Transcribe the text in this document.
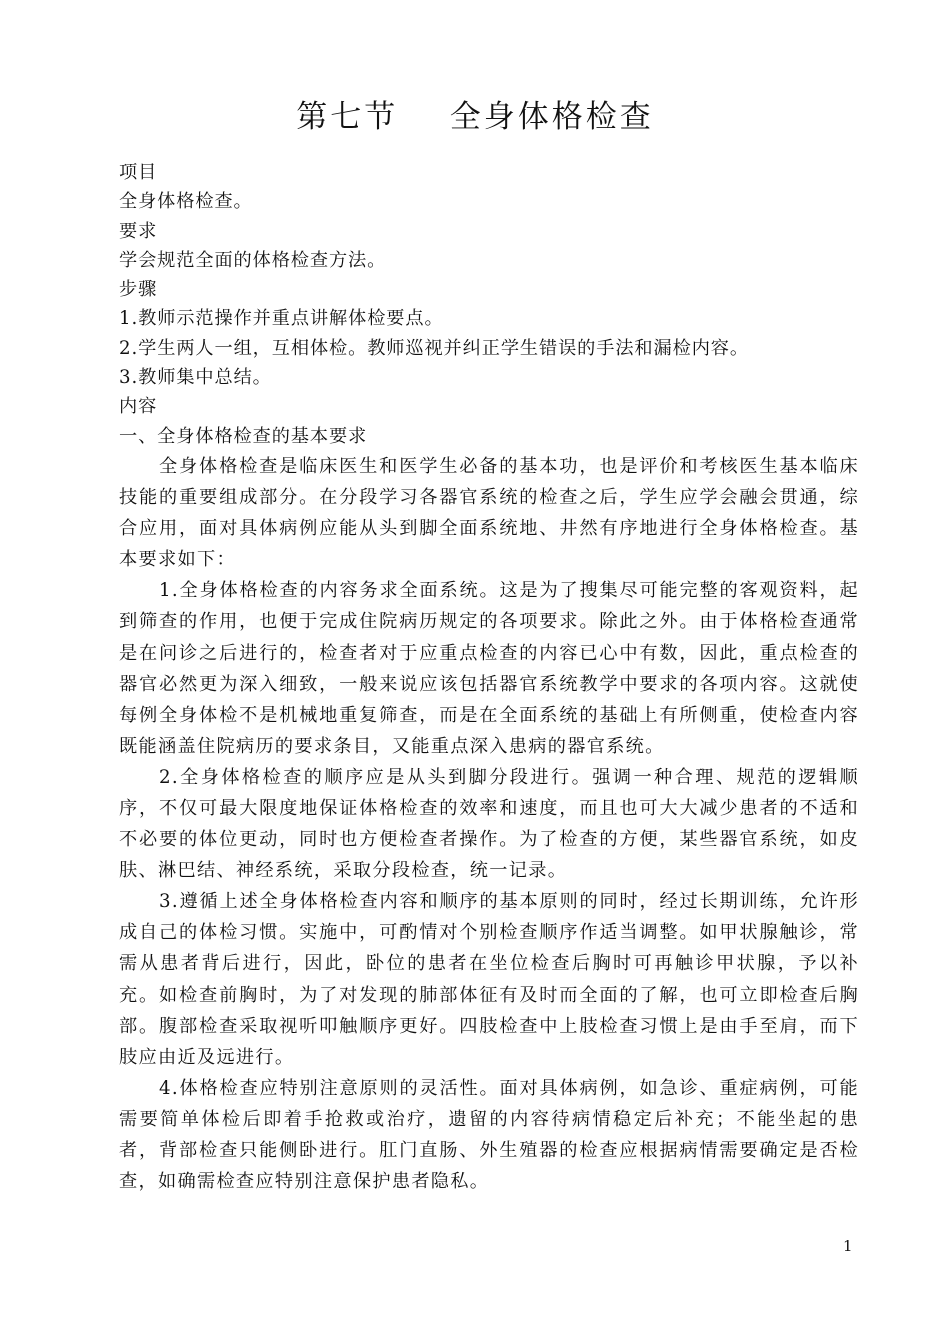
第七节    全身体格检查
项目
全身体格检查。
要求
学会规范全面的体格检查方法。
步骤
1.教师示范操作并重点讲解体检要点。
2.学生两人一组，互相体检。教师巡视并纠正学生错误的手法和漏检内容。
3.教师集中总结。
内容
一、全身体格检查的基本要求

全身体格检查是临床医生和医学生必备的基本功，也是评价和考核医生基本临床技能的重要组成部分。在分段学习各器官系统的检查之后，学生应学会融会贯通，综合应用，面对具体病例应能从头到脚全面系统地、井然有序地进行全身体格检查。基本要求如下：

1.全身体格检查的内容务求全面系统。这是为了搜集尽可能完整的客观资料，起到筛查的作用，也便于完成住院病历规定的各项要求。除此之外。由于体格检查通常是在问诊之后进行的，检查者对于应重点检查的内容已心中有数，因此，重点检查的器官必然更为深入细致，一般来说应该包括器官系统教学中要求的各项内容。这就使每例全身体检不是机械地重复筛查，而是在全面系统的基础上有所侧重，使检查内容既能涵盖住院病历的要求条目，又能重点深入患病的器官系统。

2.全身体格检查的顺序应是从头到脚分段进行。强调一种合理、规范的逻辑顺序，不仅可最大限度地保证体格检查的效率和速度，而且也可大大减少患者的不适和不必要的体位更动，同时也方便检查者操作。为了检查的方便，某些器官系统，如皮肤、淋巴结、神经系统，采取分段检查，统一记录。

3.遵循上述全身体格检查内容和顺序的基本原则的同时，经过长期训练，允许形成自己的体检习惯。实施中，可酌情对个别检查顺序作适当调整。如甲状腺触诊，常需从患者背后进行，因此，卧位的患者在坐位检查后胸时可再触诊甲状腺，予以补充。如检查前胸时，为了对发现的肺部体征有及时而全面的了解，也可立即检查后胸部。腹部检查采取视听叩触顺序更好。四肢检查中上肢检查习惯上是由手至肩，而下肢应由近及远进行。

4.体格检查应特别注意原则的灵活性。面对具体病例，如急诊、重症病例，可能需要简单体检后即着手抢救或治疗，遗留的内容待病情稳定后补充；不能坐起的患者，背部检查只能侧卧进行。肛门直肠、外生殖器的检查应根据病情需要确定是否检查，如确需检查应特别注意保护患者隐私。

1
